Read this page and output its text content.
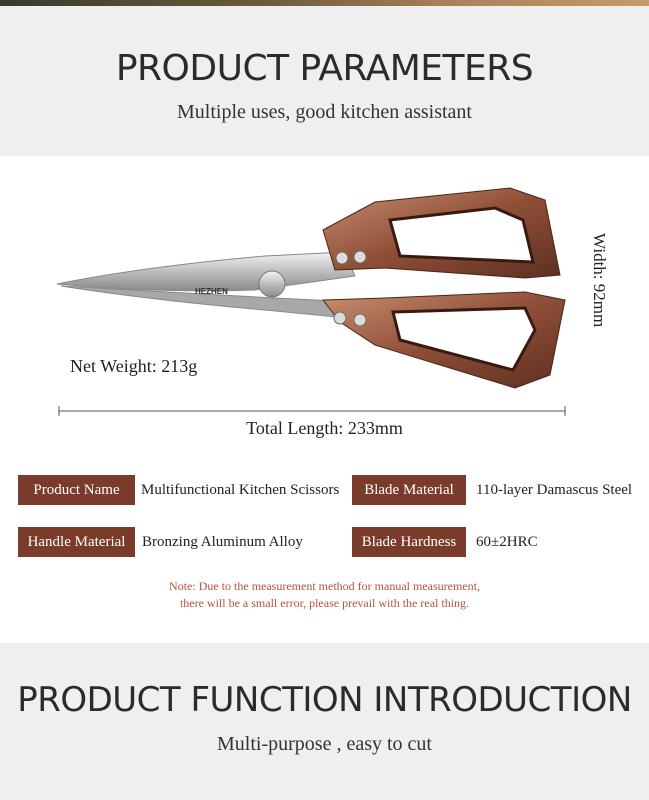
PRODUCT PARAMETERS
Multiple uses, good kitchen assistant
HEZHEN
Net Weight: 213g
Total Length: 233mm
Width: 92mm
Product Name	Multifunctional Kitchen Scissors	Blade Material	110-layer Damascus Steel
Handle Material	Bronzing Aluminum Alloy	Blade Hardness	60±2HRC
Note: Due to the measurement method for manual measurement,
there will be a small error, please prevail with the real thing.
PRODUCT FUNCTION INTRODUCTION
Multi-purpose , easy to cut
